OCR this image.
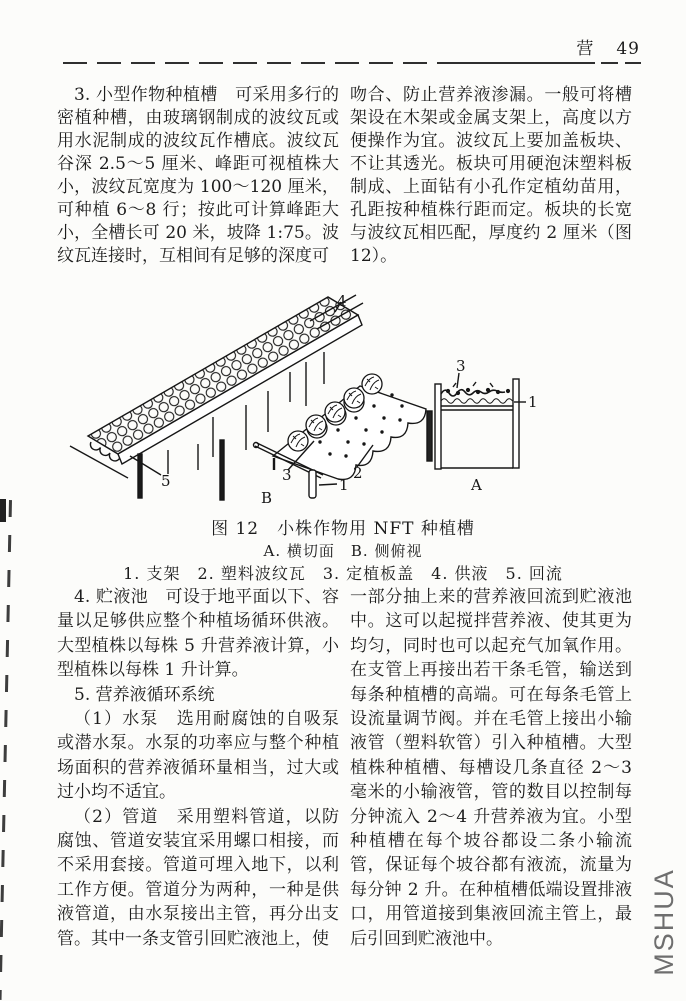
营 49

3. 小型作物种植槽　可采用多行的密植种槽，由玻璃钢制成的波纹瓦或用水泥制成的波纹瓦作槽底。波纹瓦谷深 2.5～5 厘米、峰距可视植株大小，波纹瓦宽度为 100～120 厘米，可种植 6～8 行；按此可计算峰距大小，全槽长可 20 米，坡降 1:75。波纹瓦连接时，互相间有足够的深度可

吻合、防止营养液渗漏。一般可将槽架设在木架或金属支架上，高度以方便操作为宜。波纹瓦上要加盖板块、不让其透光。板块可用硬泡沫塑料板制成、上面钻有小孔作定植幼苗用，孔距按种植株行距而定。板块的长宽与波纹瓦相匹配，厚度约 2 厘米（图 12）。

4
5	3
1
2
B
3
1
A
图 12　小株作物用 NFT 种植槽
A. 横切面　B. 侧俯视
1. 支架　2. 塑料波纹瓦　3. 定植板盖　4. 供液　5. 回流

4. 贮液池　可设于地平面以下、容量以足够供应整个种植场循环供液。大型植株以每株 5 升营养液计算，小型植株以每株 1 升计算。

5. 营养液循环系统

（1）水泵　选用耐腐蚀的自吸泵或潜水泵。水泵的功率应与整个种植场面积的营养液循环量相当，过大或过小均不适宜。

（2）管道　采用塑料管道，以防腐蚀、管道安装宜采用螺口相接，而不采用套接。管道可埋入地下，以利工作方便。管道分为两种，一种是供液管道，由水泵接出主管，再分出支管。其中一条支管引回贮液池上，使

一部分抽上来的营养液回流到贮液池中。这可以起搅拌营养液、使其更为均匀，同时也可以起充气加氧作用。在支管上再接出若干条毛管，输送到每条种植槽的高端。可在每条毛管上设流量调节阀。并在毛管上接出小输液管（塑料软管）引入种植槽。大型植株种植槽、每槽设几条直径 2～3 毫米的小输液管，管的数目以控制每分钟流入 2～4 升营养液为宜。小型种植槽在每个坡谷都设二条小输流管，保证每个坡谷都有液流，流量为每分钟 2 升。在种植槽低端设置排液口，用管道接到集液回流主管上，最后引回到贮液池中。	MSHUA
